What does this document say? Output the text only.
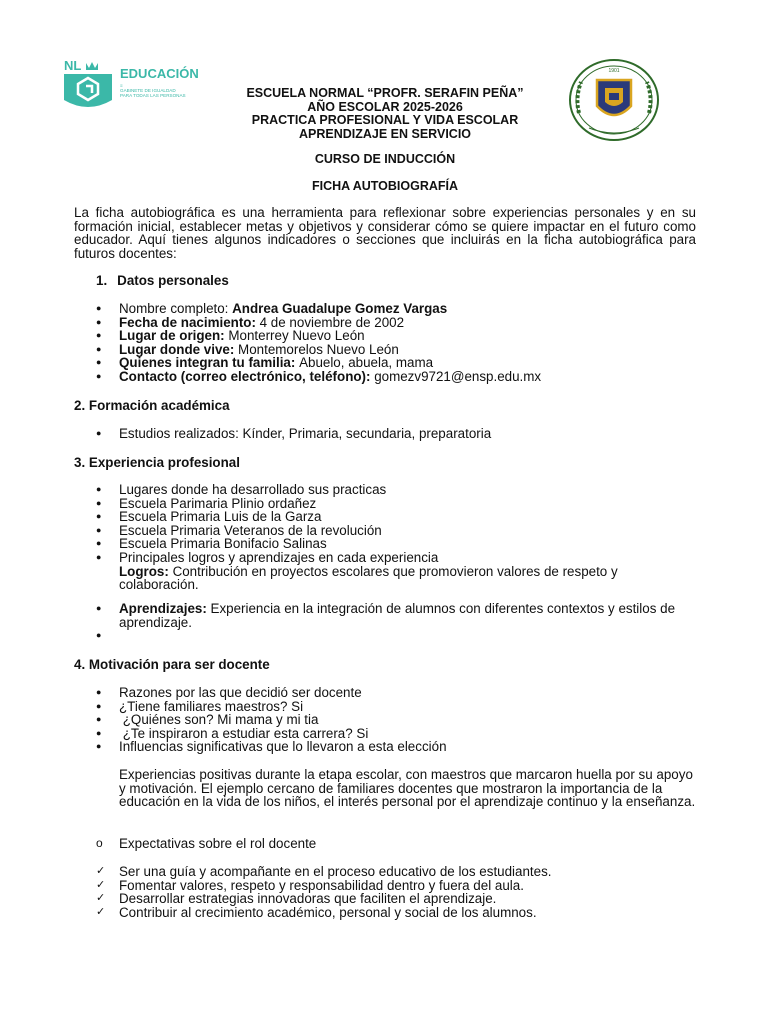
NL
EDUCACIÓN
≡
GABINETE DE IGUALDAD
PARA TODAS LAS PERSONAS
1901
ESCUELA NORMAL “PROFR. SERAFIN PEÑA”
AÑO ESCOLAR 2025-2026
PRACTICA PROFESIONAL Y VIDA ESCOLAR
APRENDIZAJE EN SERVICIO
CURSO DE INDUCCIÓN
FICHA AUTOBIOGRAFÍA
La ficha autobiográfica es una herramienta para reflexionar sobre experiencias personales y en su formación inicial, establecer metas y objetivos y considerar cómo se quiere impactar en el futuro como educador. Aquí tienes algunos indicadores o secciones que incluirás en la ficha autobiográfica para futuros docentes:
1. Datos personales
●	Nombre completo: Andrea Guadalupe Gomez Vargas
●	Fecha de nacimiento: 4 de noviembre de 2002
●	Lugar de origen: Monterrey Nuevo León
●	Lugar donde vive: Montemorelos Nuevo León
●	Quienes integran tu familia: Abuelo, abuela, mama
●	Contacto (correo electrónico, teléfono): gomezv9721@ensp.edu.mx
2. Formación académica
●	Estudios realizados: Kínder, Primaria, secundaria, preparatoria
3. Experiencia profesional
●	Lugares donde ha desarrollado sus practicas
●	Escuela Parimaria Plinio ordañez
●	Escuela Primaria Luis de la Garza
●	Escuela Primaria Veteranos de la revolución
●	Escuela Primaria Bonifacio Salinas
●	Principales logros y aprendizajes en cada experiencia
Logros: Contribución en proyectos escolares que promovieron valores de respeto y colaboración.
●	Aprendizajes: Experiencia en la integración de alumnos con diferentes contextos y estilos de aprendizaje.
●
4. Motivación para ser docente
●	Razones por las que decidió ser docente
●	¿Tiene familiares maestros? Si
●	¿Quiénes son? Mi mama y mi tia
●	¿Te inspiraron a estudiar esta carrera? Si
●	Influencias significativas que lo llevaron a esta elección
Experiencias positivas durante la etapa escolar, con maestros que marcaron huella por su apoyo y motivación. El ejemplo cercano de familiares docentes que mostraron la importancia de la educación en la vida de los niños, el interés personal por el aprendizaje continuo y la enseñanza.
o Expectativas sobre el rol docente
✓ Ser una guía y acompañante en el proceso educativo de los estudiantes.
✓ Fomentar valores, respeto y responsabilidad dentro y fuera del aula.
✓ Desarrollar estrategias innovadoras que faciliten el aprendizaje.
✓ Contribuir al crecimiento académico, personal y social de los alumnos.
